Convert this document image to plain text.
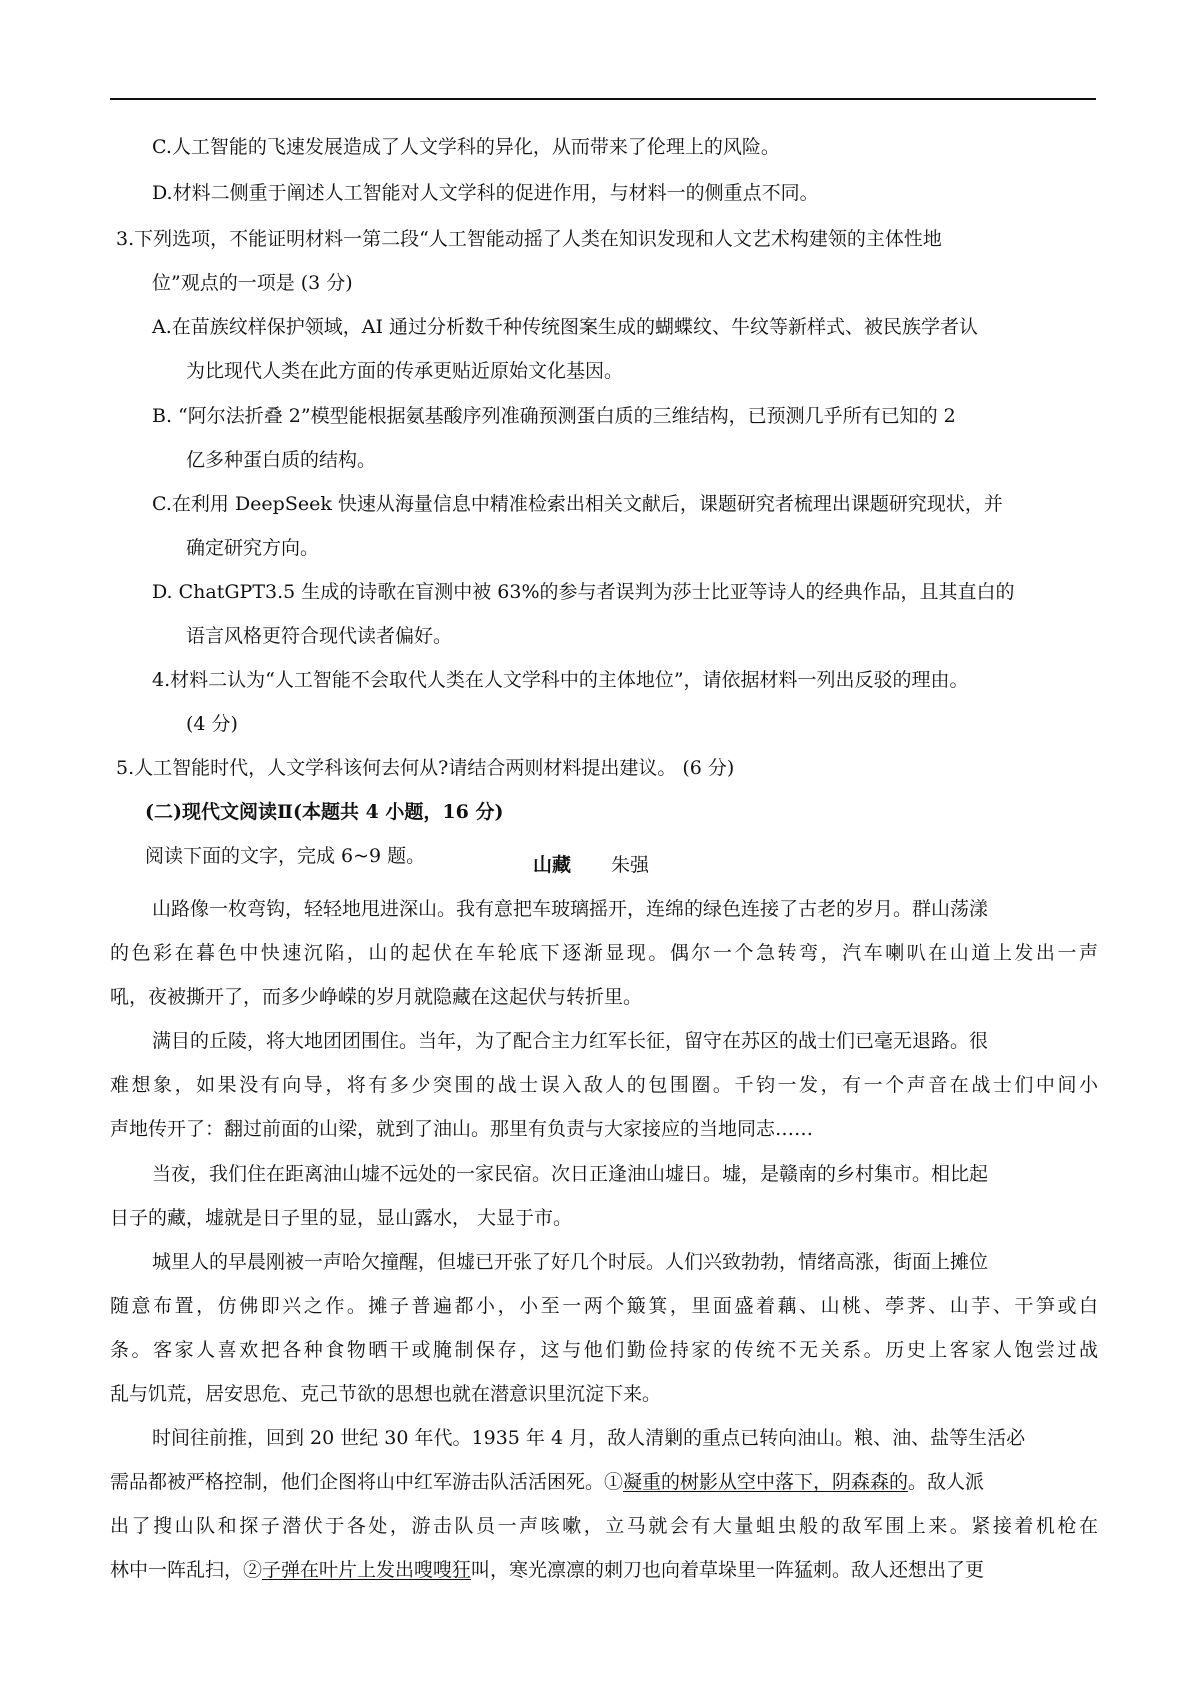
C.人工智能的飞速发展造成了人文学科的异化，从而带来了伦理上的风险。

D.材料二侧重于阐述人工智能对人文学科的促进作用，与材料一的侧重点不同。

3.下列选项，不能证明材料一第二段“人工智能动摇了人类在知识发现和人文艺术构建领的主体性地

位”观点的一项是 (3 分)

A.在苗族纹样保护领域，AI 通过分析数千种传统图案生成的蝴蝶纹、牛纹等新样式、被民族学者认

为比现代人类在此方面的传承更贴近原始文化基因。

B. “阿尔法折叠 2”模型能根据氨基酸序列准确预测蛋白质的三维结构，已预测几乎所有已知的 2

亿多种蛋白质的结构。

C.在利用 DeepSeek 快速从海量信息中精准检索出相关文献后，课题研究者梳理出课题研究现状，并

确定研究方向。

D. ChatGPT3.5 生成的诗歌在盲测中被 63%的参与者误判为莎士比亚等诗人的经典作品，且其直白的

语言风格更符合现代读者偏好。

4.材料二认为“人工智能不会取代人类在人文学科中的主体地位”，请依据材料一列出反驳的理由。

(4 分)

5.人工智能时代，人文学科该何去何从?请结合两则材料提出建议。 (6 分)

(二)现代文阅读Ⅱ(本题共 4 小题，16 分)

阅读下面的文字，完成 6~9 题。	山藏 朱强

山路像一枚弯钩，轻轻地甩进深山。我有意把车玻璃摇开，连绵的绿色连接了古老的岁月。群山荡漾

的色彩在暮色中快速沉陷，山的起伏在车轮底下逐渐显现。偶尔一个急转弯，汽车喇叭在山道上发出一声

吼，夜被撕开了，而多少峥嵘的岁月就隐藏在这起伏与转折里。

满目的丘陵，将大地团团围住。当年，为了配合主力红军长征，留守在苏区的战士们已毫无退路。很

难想象，如果没有向导，将有多少突围的战士误入敌人的包围圈。千钧一发，有一个声音在战士们中间小

声地传开了：翻过前面的山梁，就到了油山。那里有负责与大家接应的当地同志……

当夜，我们住在距离油山墟不远处的一家民宿。次日正逢油山墟日。墟，是赣南的乡村集市。相比起

日子的藏，墟就是日子里的显，显山露水， 大显于市。

城里人的早晨刚被一声哈欠撞醒，但墟已开张了好几个时辰。人们兴致勃勃，情绪高涨，街面上摊位

随意布置，仿佛即兴之作。摊子普遍都小，小至一两个簸箕，里面盛着藕、山桃、荸荠、山芋、干笋或白

条。客家人喜欢把各种食物晒干或腌制保存，这与他们勤俭持家的传统不无关系。历史上客家人饱尝过战

乱与饥荒，居安思危、克己节欲的思想也就在潜意识里沉淀下来。

时间往前推，回到 20 世纪 30 年代。1935 年 4 月，敌人清剿的重点已转向油山。粮、油、盐等生活必

需品都被严格控制，他们企图将山中红军游击队活活困死。①凝重的树影从空中落下，阴森森的。敌人派

出了搜山队和探子潜伏于各处，游击队员一声咳嗽，立马就会有大量蛆虫般的敌军围上来。紧接着机枪在

林中一阵乱扫，②子弹在叶片上发出嗖嗖狂叫，寒光凛凛的刺刀也向着草垛里一阵猛刺。敌人还想出了更
